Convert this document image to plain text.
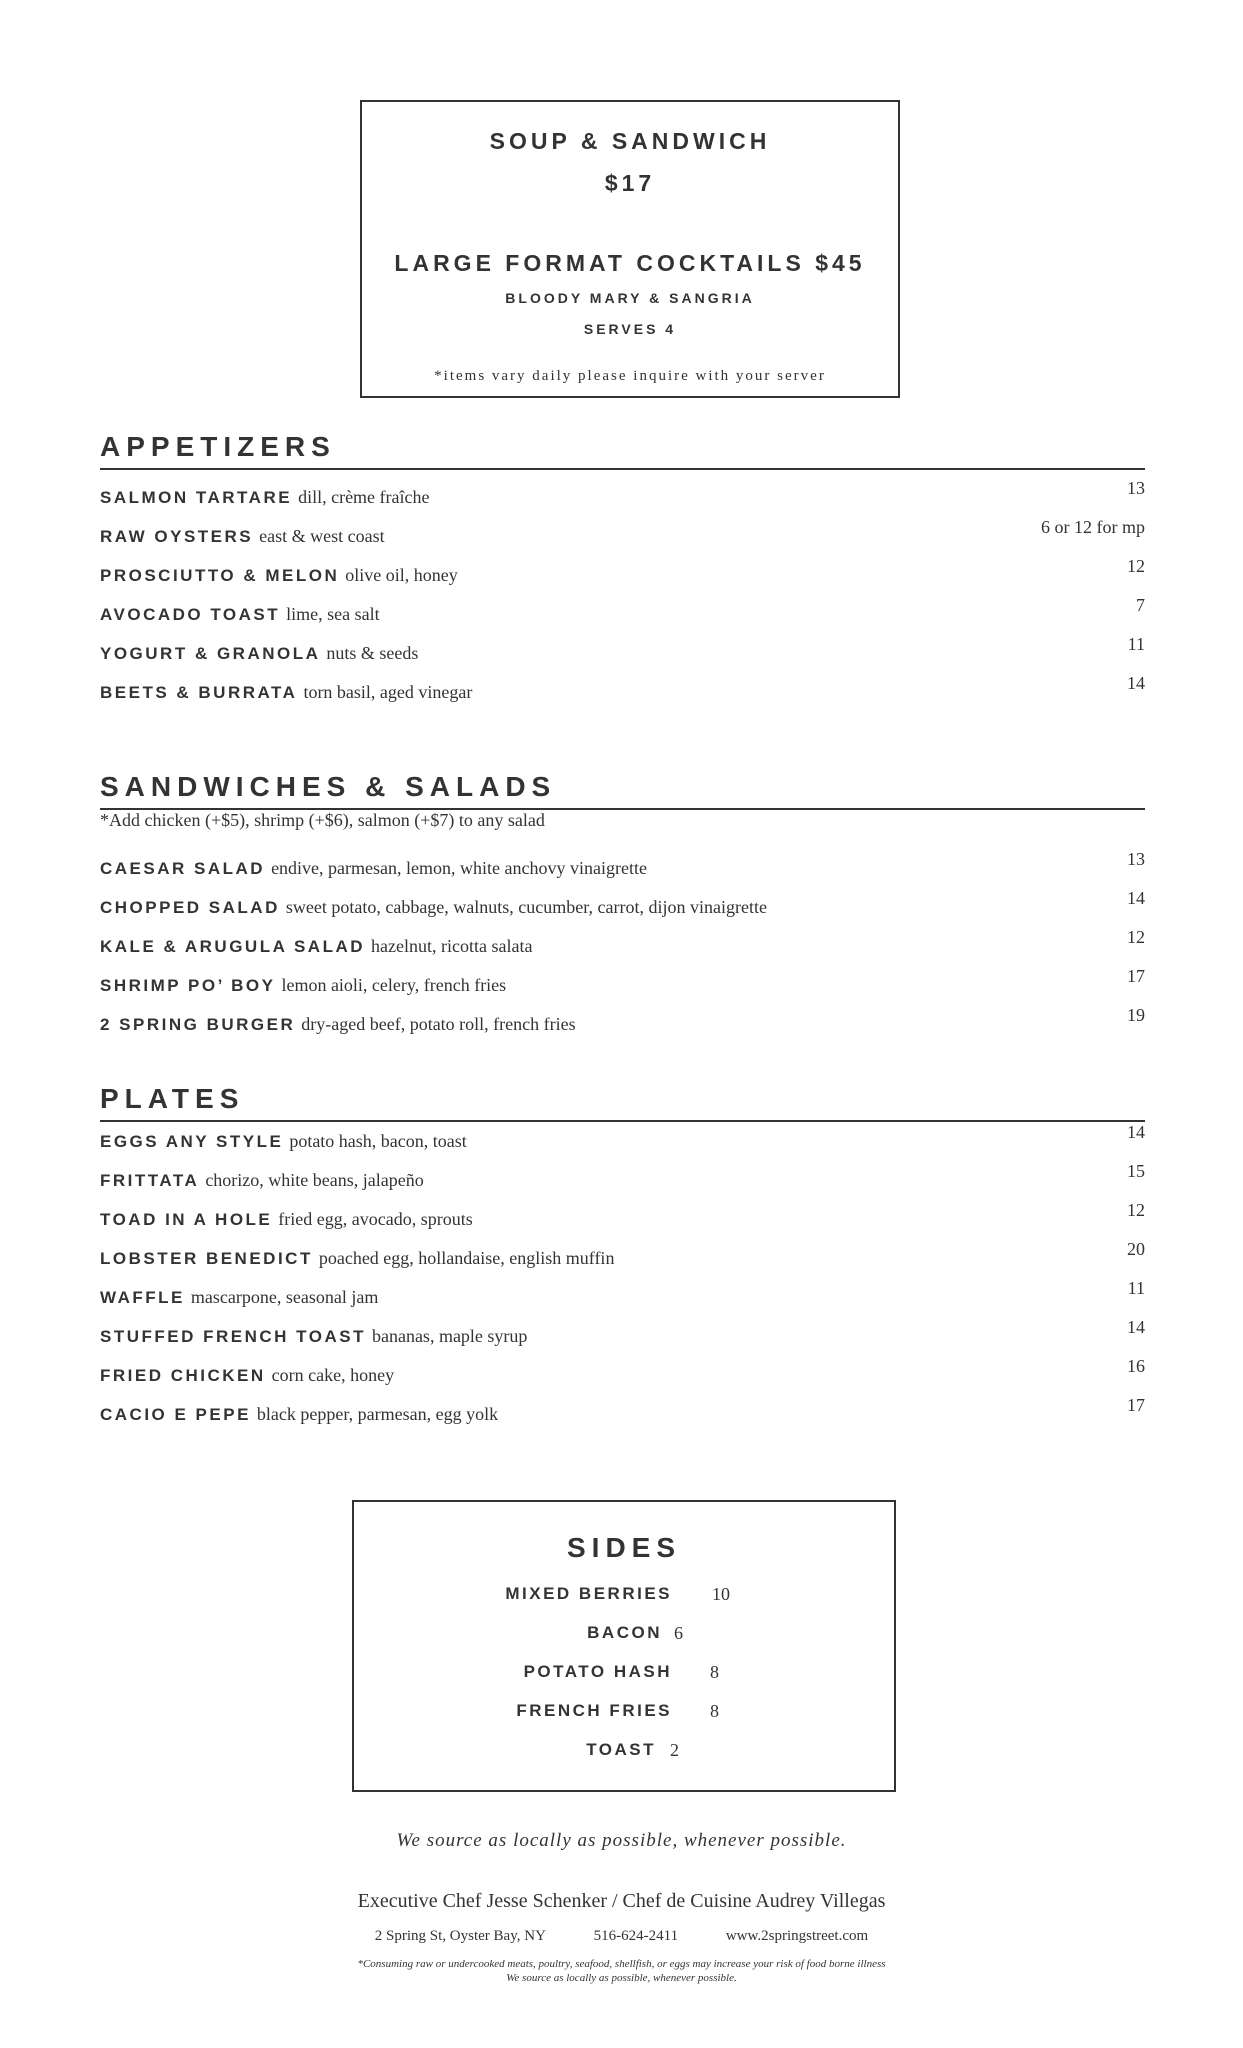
SOUP & SANDWICH
$17
LARGE FORMAT COCKTAILS $45
BLOODY MARY & SANGRIA
SERVES 4
*items vary daily please inquire with your server
APPETIZERS
SALMON TARTARE dill, crème fraîche	13
RAW OYSTERS east & west coast	6 or 12 for mp
PROSCIUTTO & MELON olive oil, honey	12
AVOCADO TOAST lime, sea salt	7
YOGURT & GRANOLA nuts & seeds	11
BEETS & BURRATA torn basil, aged vinegar	14
SANDWICHES & SALADS
*Add chicken (+$5), shrimp (+$6), salmon (+$7) to any salad
CAESAR SALAD endive, parmesan, lemon, white anchovy vinaigrette	13
CHOPPED SALAD sweet potato, cabbage, walnuts, cucumber, carrot, dijon vinaigrette	14
KALE & ARUGULA SALAD hazelnut, ricotta salata	12
SHRIMP PO’ BOY lemon aioli, celery, french fries	17
2 SPRING BURGER dry-aged beef, potato roll, french fries	19
PLATES
EGGS ANY STYLE potato hash, bacon, toast	14
FRITTATA chorizo, white beans, jalapeño	15
TOAD IN A HOLE fried egg, avocado, sprouts	12
LOBSTER BENEDICT poached egg, hollandaise, english muffin	20
WAFFLE mascarpone, seasonal jam	11
STUFFED FRENCH TOAST bananas, maple syrup	14
FRIED CHICKEN corn cake, honey	16
CACIO E PEPE black pepper, parmesan, egg yolk	17
SIDES
MIXED BERRIES 10
BACON 6
POTATO HASH 8
FRENCH FRIES 8
TOAST 2
We source as locally as possible, whenever possible.
Executive Chef Jesse Schenker / Chef de Cuisine Audrey Villegas
2 Spring St, Oyster Bay, NY	516-624-2411	www.2springstreet.com
*Consuming raw or undercooked meats, poultry, seafood, shellfish, or eggs may increase your risk of food borne illness
We source as locally as possible, whenever possible.
